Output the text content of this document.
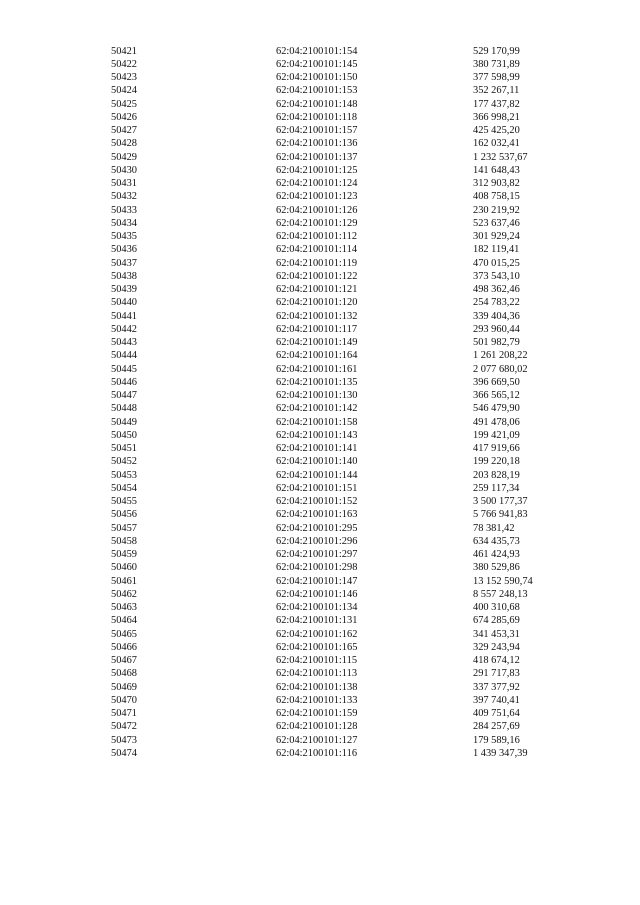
50421	62:04:2100101:154	529 170,99
50422	62:04:2100101:145	380 731,89
50423	62:04:2100101:150	377 598,99
50424	62:04:2100101:153	352 267,11
50425	62:04:2100101:148	177 437,82
50426	62:04:2100101:118	366 998,21
50427	62:04:2100101:157	425 425,20
50428	62:04:2100101:136	162 032,41
50429	62:04:2100101:137	1 232 537,67
50430	62:04:2100101:125	141 648,43
50431	62:04:2100101:124	312 903,82
50432	62:04:2100101:123	408 758,15
50433	62:04:2100101:126	230 219,92
50434	62:04:2100101:129	523 637,46
50435	62:04:2100101:112	301 929,24
50436	62:04:2100101:114	182 119,41
50437	62:04:2100101:119	470 015,25
50438	62:04:2100101:122	373 543,10
50439	62:04:2100101:121	498 362,46
50440	62:04:2100101:120	254 783,22
50441	62:04:2100101:132	339 404,36
50442	62:04:2100101:117	293 960,44
50443	62:04:2100101:149	501 982,79
50444	62:04:2100101:164	1 261 208,22
50445	62:04:2100101:161	2 077 680,02
50446	62:04:2100101:135	396 669,50
50447	62:04:2100101:130	366 565,12
50448	62:04:2100101:142	546 479,90
50449	62:04:2100101:158	491 478,06
50450	62:04:2100101:143	199 421,09
50451	62:04:2100101:141	417 919,66
50452	62:04:2100101:140	199 220,18
50453	62:04:2100101:144	203 828,19
50454	62:04:2100101:151	259 117,34
50455	62:04:2100101:152	3 500 177,37
50456	62:04:2100101:163	5 766 941,83
50457	62:04:2100101:295	78 381,42
50458	62:04:2100101:296	634 435,73
50459	62:04:2100101:297	461 424,93
50460	62:04:2100101:298	380 529,86
50461	62:04:2100101:147	13 152 590,74
50462	62:04:2100101:146	8 557 248,13
50463	62:04:2100101:134	400 310,68
50464	62:04:2100101:131	674 285,69
50465	62:04:2100101:162	341 453,31
50466	62:04:2100101:165	329 243,94
50467	62:04:2100101:115	418 674,12
50468	62:04:2100101:113	291 717,83
50469	62:04:2100101:138	337 377,92
50470	62:04:2100101:133	397 740,41
50471	62:04:2100101:159	409 751,64
50472	62:04:2100101:128	284 257,69
50473	62:04:2100101:127	179 589,16
50474	62:04:2100101:116	1 439 347,39
